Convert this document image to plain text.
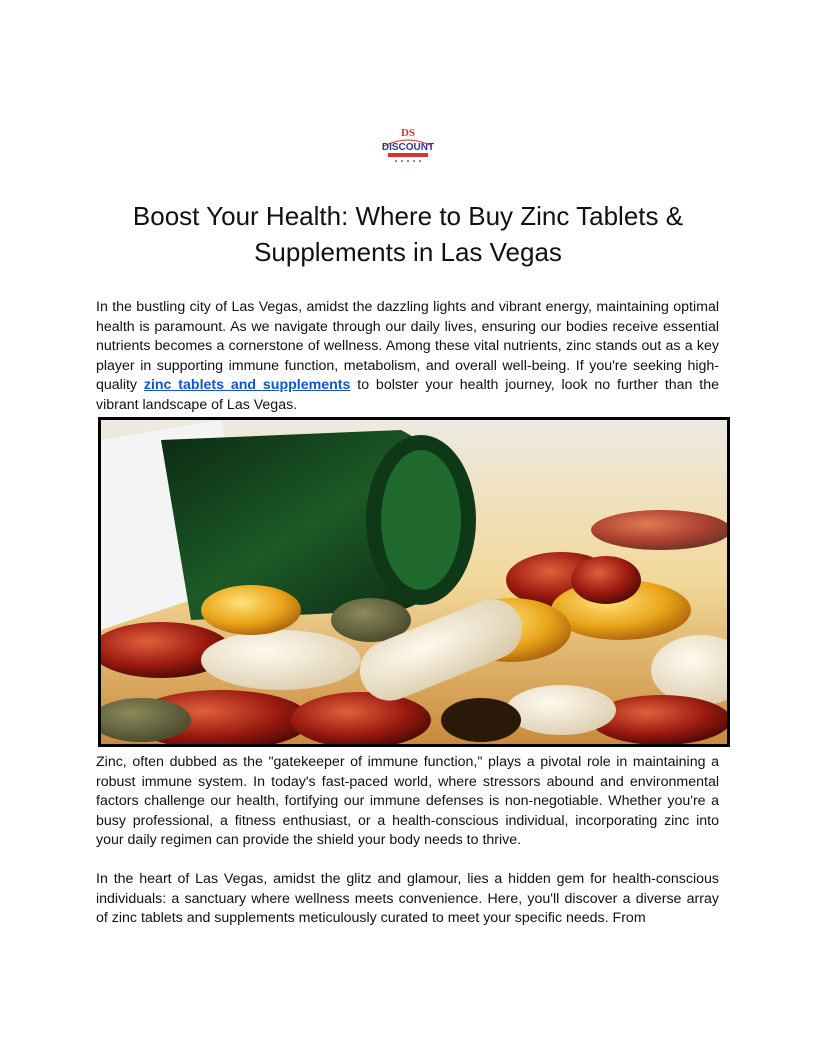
DS
DISCOUNT
Boost Your Health: Where to Buy Zinc Tablets & Supplements in Las Vegas

In the bustling city of Las Vegas, amidst the dazzling lights and vibrant energy, maintaining optimal health is paramount. As we navigate through our daily lives, ensuring our bodies receive essential nutrients becomes a cornerstone of wellness. Among these vital nutrients, zinc stands out as a key player in supporting immune function, metabolism, and overall well-being. If you're seeking high-quality zinc tablets and supplements to bolster your health journey, look no further than the vibrant landscape of Las Vegas.

Zinc, often dubbed as the "gatekeeper of immune function," plays a pivotal role in maintaining a robust immune system. In today's fast-paced world, where stressors abound and environmental factors challenge our health, fortifying our immune defenses is non-negotiable. Whether you're a busy professional, a fitness enthusiast, or a health-conscious individual, incorporating zinc into your daily regimen can provide the shield your body needs to thrive.

In the heart of Las Vegas, amidst the glitz and glamour, lies a hidden gem for health-conscious individuals: a sanctuary where wellness meets convenience. Here, you'll discover a diverse array of zinc tablets and supplements meticulously curated to meet your specific needs. From
